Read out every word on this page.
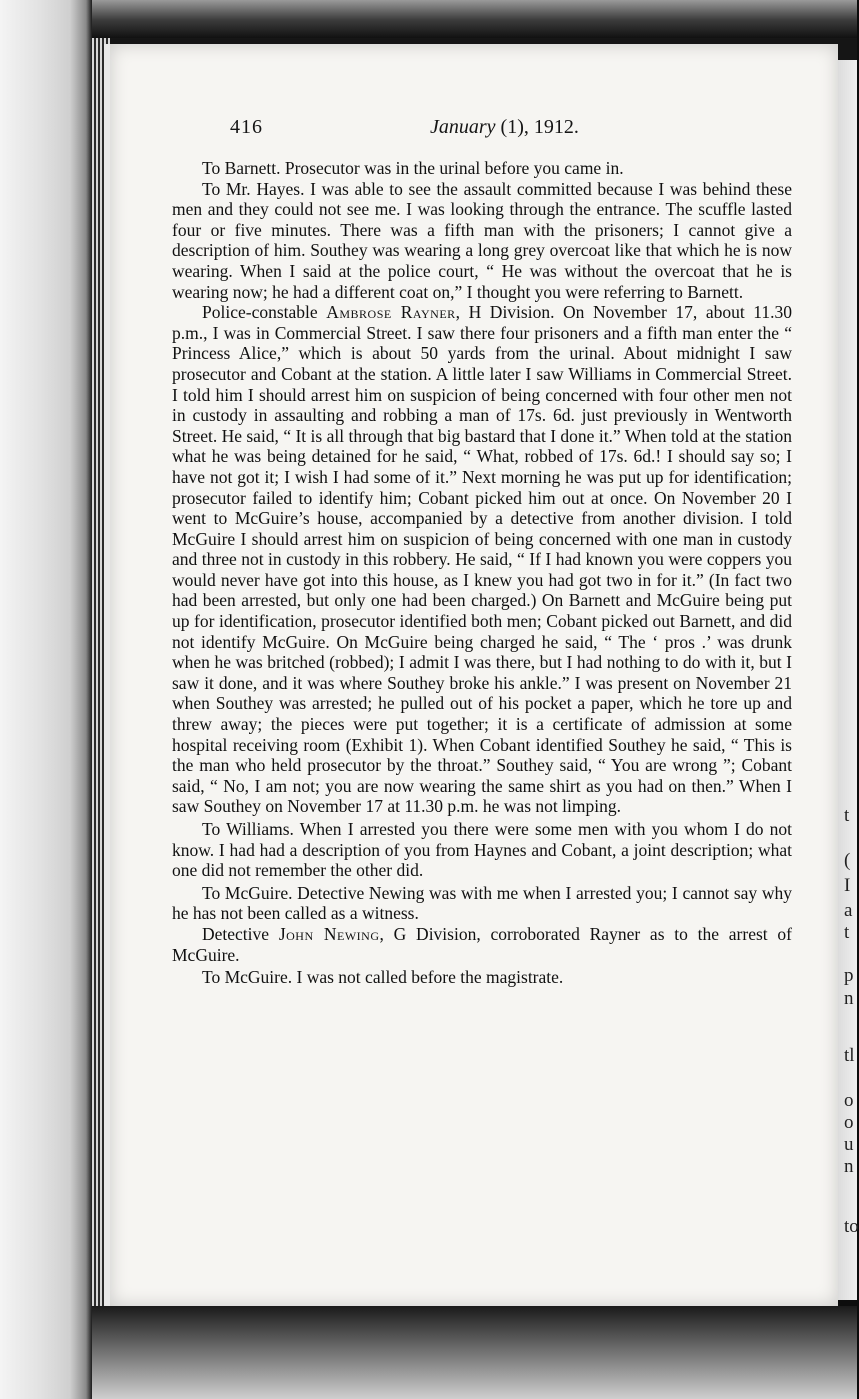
t
(
I
a
t
p
n
tl
o
o
u
n
to
416	January (1), 1912.

To Barnett. Prosecutor was in the urinal before you came in.

To Mr. Hayes. I was able to see the assault committed because I was behind these men and they could not see me. I was looking through the entrance. The scuffle lasted four or five minutes. There was a fifth man with the prisoners; I cannot give a description of him. Southey was wearing a long grey overcoat like that which he is now wearing. When I said at the police court, “ He was without the overcoat that he is wearing now; he had a different coat on,” I thought you were referring to Barnett.

Police-constable Ambrose Rayner, H Division. On November 17, about 11.30 p.m., I was in Commercial Street. I saw there four prisoners and a fifth man enter the “ Princess Alice,” which is about 50 yards from the urinal. About midnight I saw prosecutor and Cobant at the station. A little later I saw Williams in Commercial Street. I told him I should arrest him on suspicion of being concerned with four other men not in custody in assaulting and robbing a man of 17s. 6d. just previously in Wentworth Street. He said, “ It is all through that big bastard that I done it.” When told at the station what he was being detained for he said, “ What, robbed of 17s. 6d.! I should say so; I have not got it; I wish I had some of it.” Next morning he was put up for identification; prosecutor failed to identify him; Cobant picked him out at once. On November 20 I went to McGuire’s house, accompanied by a detective from another division. I told McGuire I should arrest him on suspicion of being concerned with one man in custody and three not in custody in this robbery. He said, “ If I had known you were coppers you would never have got into this house, as I knew you had got two in for it.” (In fact two had been arrested, but only one had been charged.) On Barnett and McGuire being put up for identification, prosecutor identified both men; Cobant picked out Barnett, and did not identify McGuire. On McGuire being charged he said, “ The ‘ pros .’ was drunk when he was britched (robbed); I admit I was there, but I had nothing to do with it, but I saw it done, and it was where Southey broke his ankle.” I was present on November 21 when Southey was arrested; he pulled out of his pocket a paper, which he tore up and threw away; the pieces were put together; it is a certificate of admission at some hospital receiving room (Exhibit 1). When Cobant identified Southey he said, “ This is the man who held prosecutor by the throat.” Southey said, “ You are wrong ”; Cobant said, “ No, I am not; you are now wearing the same shirt as you had on then.” When I saw Southey on November 17 at 11.30 p.m. he was not limping.

To Williams. When I arrested you there were some men with you whom I do not know. I had had a description of you from Haynes and Cobant, a joint description; what one did not remember the other did.

To McGuire. Detective Newing was with me when I arrested you; I cannot say why he has not been called as a witness.

Detective John Newing, G Division, corroborated Rayner as to the arrest of McGuire.

To McGuire. I was not called before the magistrate.
